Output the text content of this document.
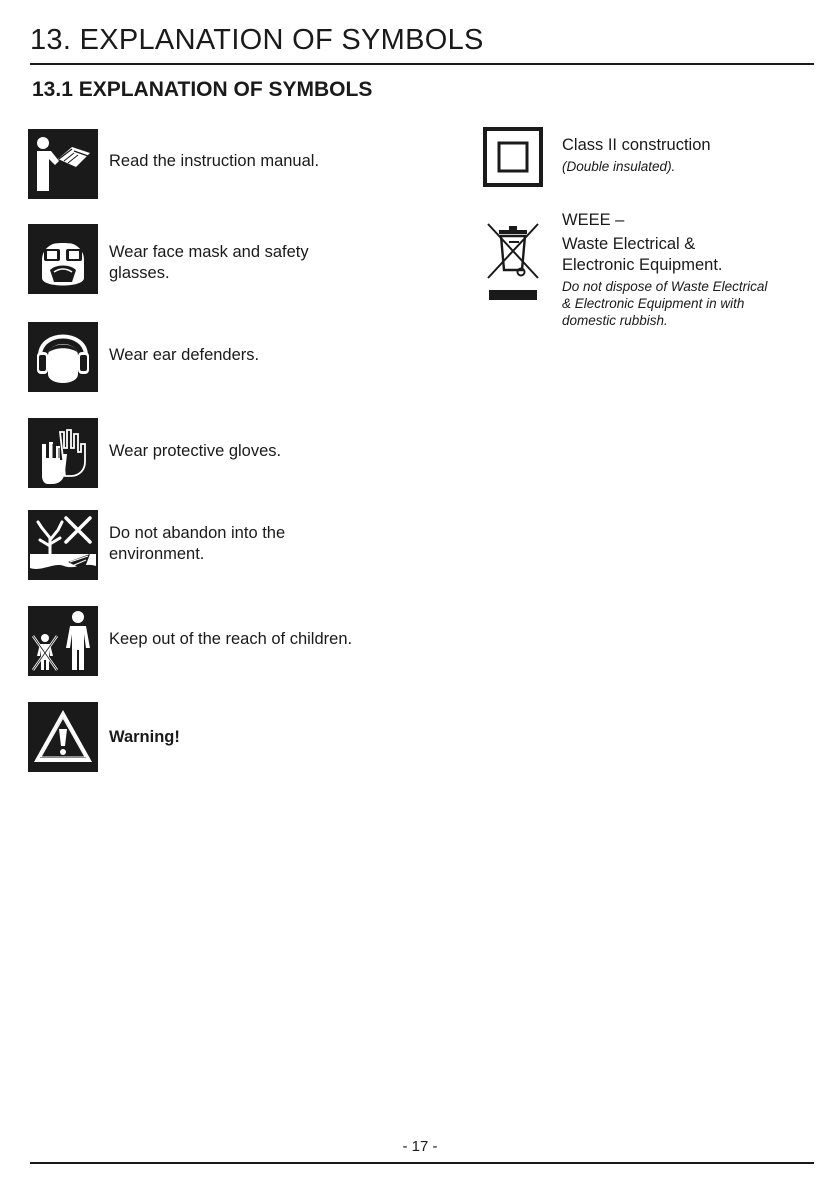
13. EXPLANATION OF SYMBOLS
13.1 EXPLANATION OF SYMBOLS
Read the instruction manual.
Wear face mask and safety
glasses.
Wear ear defenders.
Wear protective gloves.
Do not abandon into the
environment.
Keep out of the reach of children.
Warning!
Class II construction
(Double insulated).
WEEE –
Waste Electrical &
Electronic Equipment.
Do not dispose of Waste Electrical
& Electronic Equipment in with
domestic rubbish.
- 17 -
